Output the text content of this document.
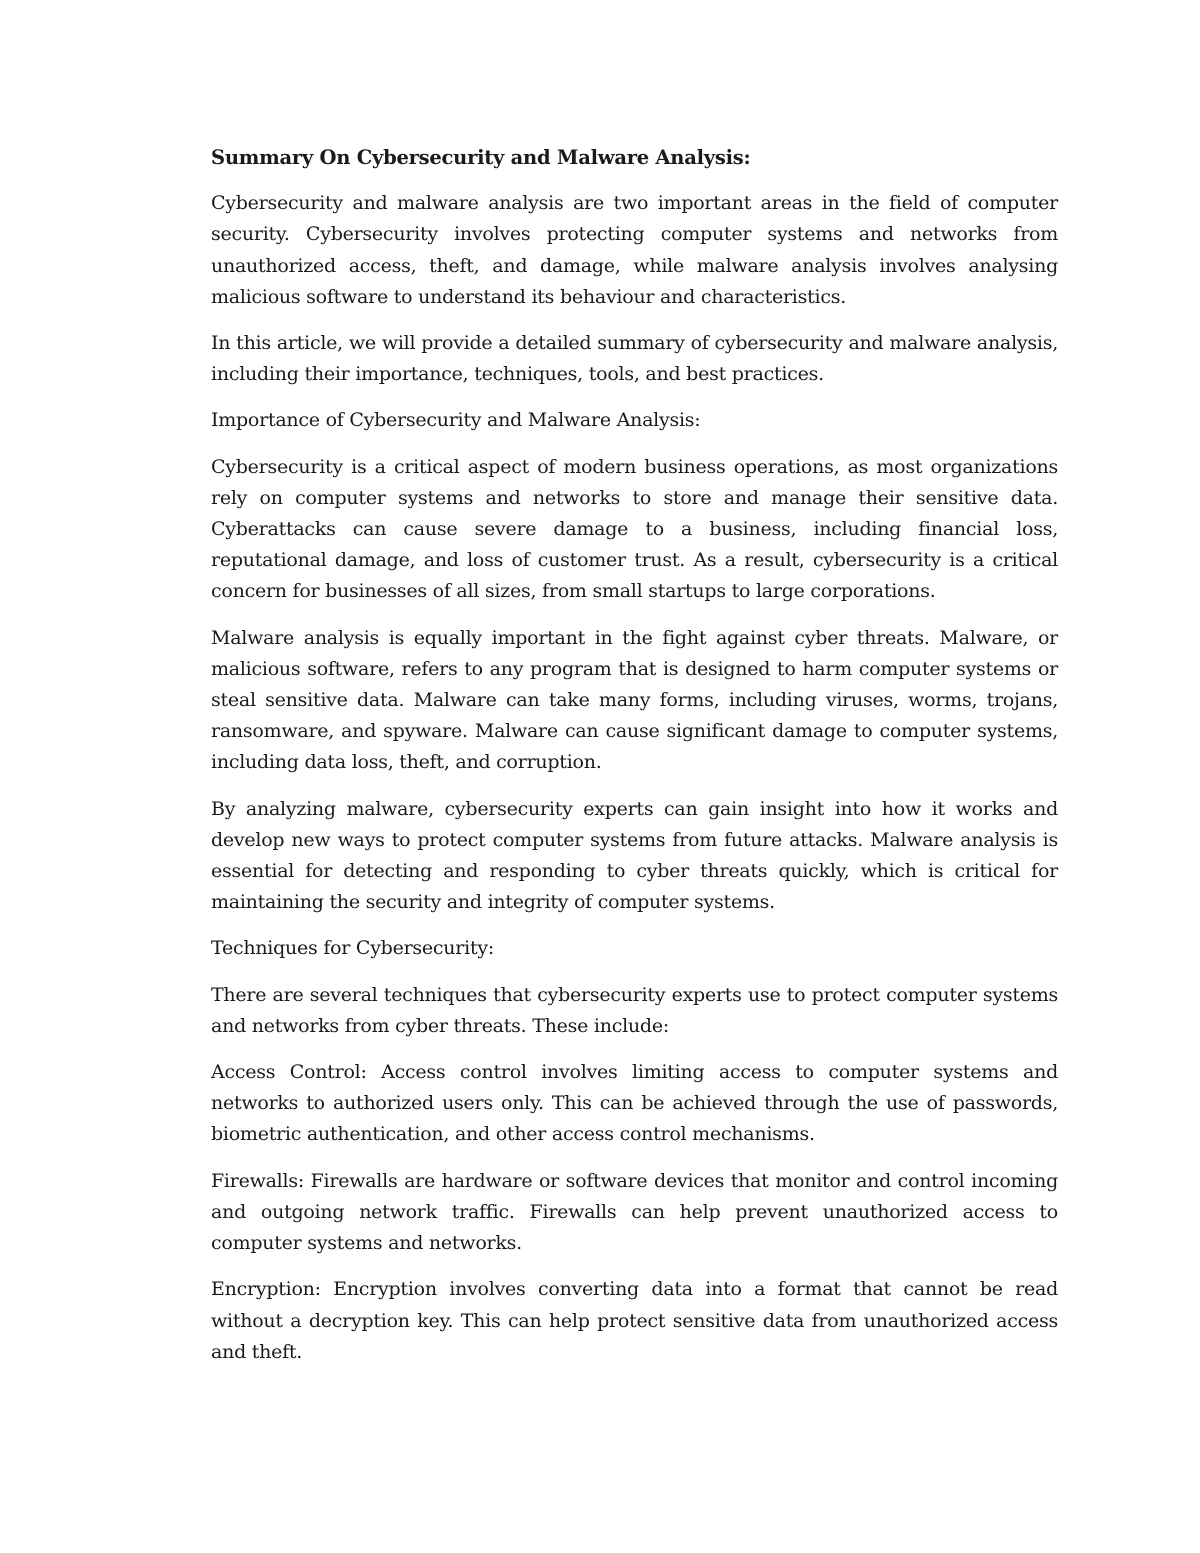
Summary On Cybersecurity and Malware Analysis:

Cybersecurity and malware analysis are two important areas in the field of computer security. Cybersecurity involves protecting computer systems and networks from unauthorized access, theft, and damage, while malware analysis involves analysing malicious software to understand its behaviour and characteristics.

In this article, we will provide a detailed summary of cybersecurity and malware analysis, including their importance, techniques, tools, and best practices.

Importance of Cybersecurity and Malware Analysis:

Cybersecurity is a critical aspect of modern business operations, as most organizations rely on computer systems and networks to store and manage their sensitive data. Cyberattacks can cause severe damage to a business, including financial loss, reputational damage, and loss of customer trust. As a result, cybersecurity is a critical concern for businesses of all sizes, from small startups to large corporations.

Malware analysis is equally important in the fight against cyber threats. Malware, or malicious software, refers to any program that is designed to harm computer systems or steal sensitive data. Malware can take many forms, including viruses, worms, trojans, ransomware, and spyware. Malware can cause significant damage to computer systems, including data loss, theft, and corruption.

By analyzing malware, cybersecurity experts can gain insight into how it works and develop new ways to protect computer systems from future attacks. Malware analysis is essential for detecting and responding to cyber threats quickly, which is critical for maintaining the security and integrity of computer systems.

Techniques for Cybersecurity:

There are several techniques that cybersecurity experts use to protect computer systems and networks from cyber threats. These include:

Access Control: Access control involves limiting access to computer systems and networks to authorized users only. This can be achieved through the use of passwords, biometric authentication, and other access control mechanisms.

Firewalls: Firewalls are hardware or software devices that monitor and control incoming and outgoing network traffic. Firewalls can help prevent unauthorized access to computer systems and networks.

Encryption: Encryption involves converting data into a format that cannot be read without a decryption key. This can help protect sensitive data from unauthorized access and theft.
